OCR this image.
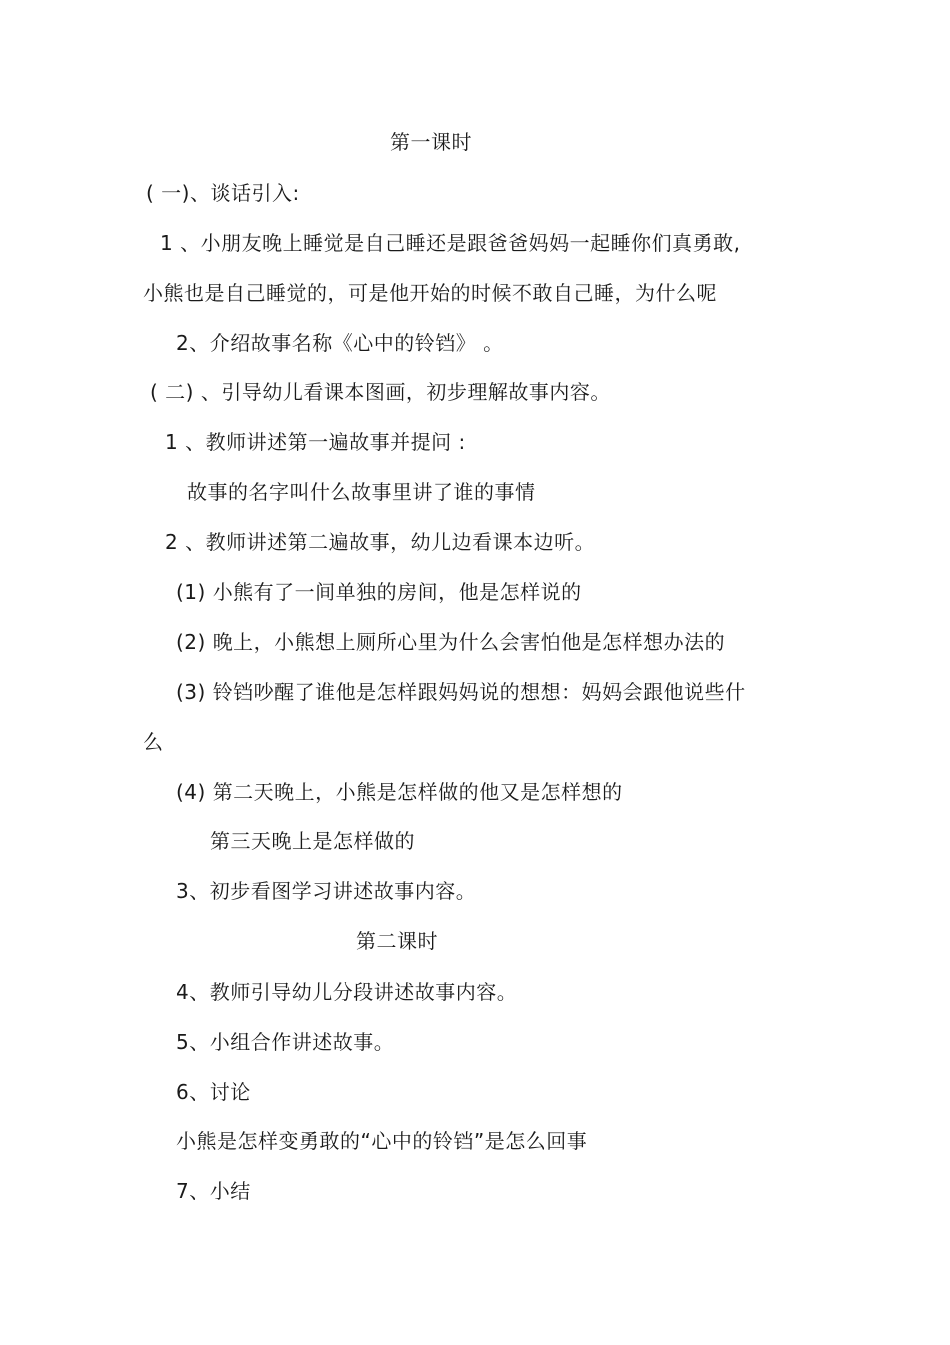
第一课时
( 一)、谈话引入:
1 、小朋友晚上睡觉是自己睡还是跟爸爸妈妈一起睡你们真勇敢,
小熊也是自己睡觉的，可是他开始的时候不敢自己睡，为什么呢
2、介绍故事名称《心中的铃铛》 。
( 二) 、引导幼儿看课本图画，初步理解故事内容。
1 、教师讲述第一遍故事并提问 :
故事的名字叫什么故事里讲了谁的事情
2 、教师讲述第二遍故事，幼儿边看课本边听。
(1) 小熊有了一间单独的房间，他是怎样说的
(2) 晚上，小熊想上厕所心里为什么会害怕他是怎样想办法的
(3) 铃铛吵醒了谁他是怎样跟妈妈说的想想：妈妈会跟他说些什
么
(4) 第二天晚上，小熊是怎样做的他又是怎样想的
第三天晚上是怎样做的
3、初步看图学习讲述故事内容。
第二课时
4、教师引导幼儿分段讲述故事内容。
5、小组合作讲述故事。
6、讨论
小熊是怎样变勇敢的“心中的铃铛”是怎么回事
7、小结
